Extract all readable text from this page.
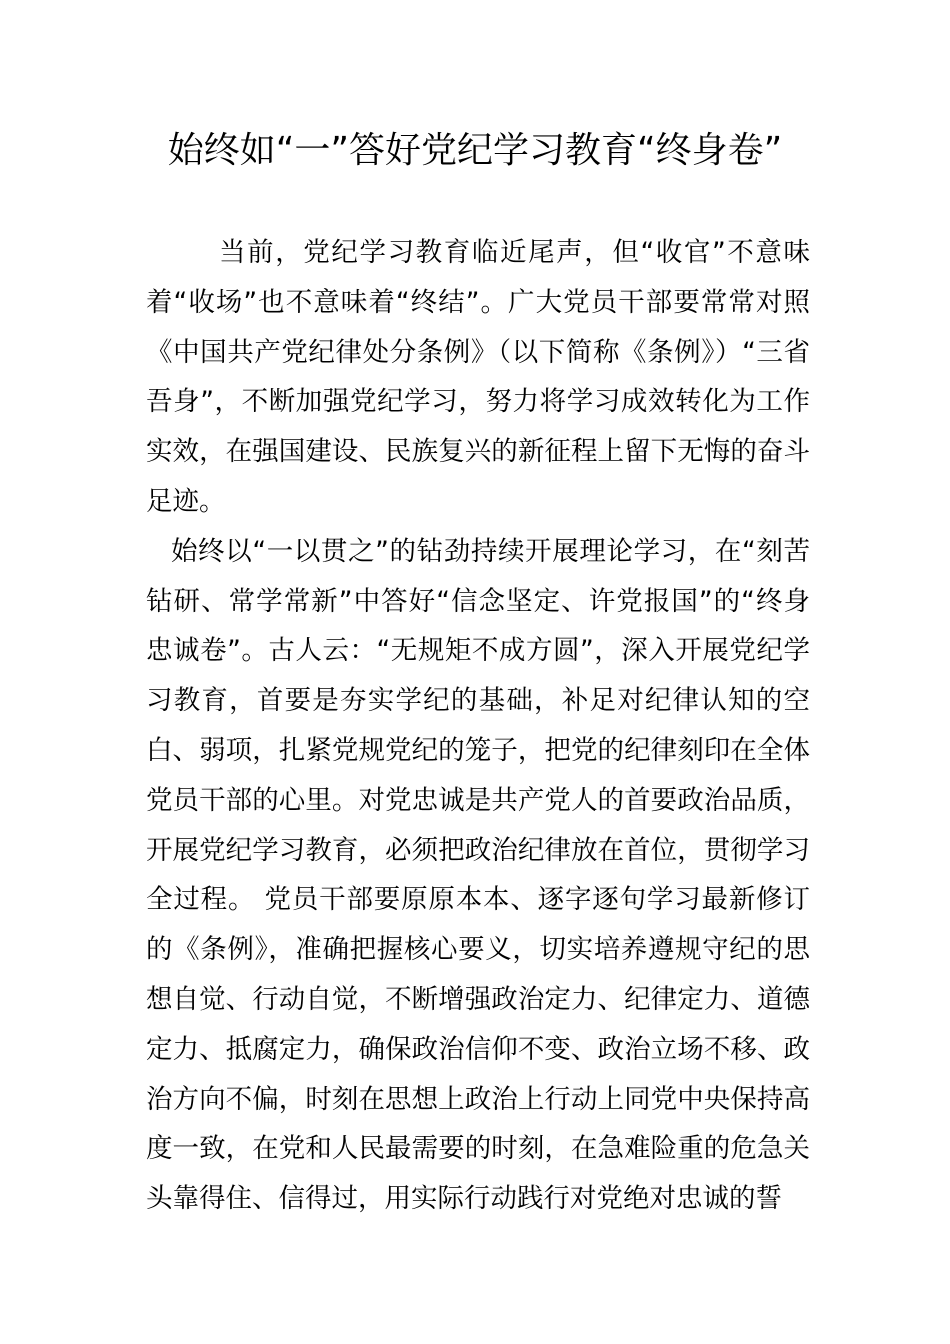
始终如“一”答好党纪学习教育“终身卷”

当前，党纪学习教育临近尾声，但“收官”不意味着“收场”也不意味着“终结”。广大党员干部要常常对照《中国共产党纪律处分条例》（以下简称《条例》）“三省吾身”，不断加强党纪学习，努力将学习成效转化为工作实效，在强国建设、民族复兴的新征程上留下无悔的奋斗足迹。

始终以“一以贯之”的钻劲持续开展理论学习，在“刻苦钻研、常学常新”中答好“信念坚定、许党报国”的“终身忠诚卷”。古人云：“无规矩不成方圆”，深入开展党纪学习教育，首要是夯实学纪的基础，补足对纪律认知的空白、弱项，扎紧党规党纪的笼子，把党的纪律刻印在全体党员干部的心里。对党忠诚是共产党人的首要政治品质，开展党纪学习教育，必须把政治纪律放在首位，贯彻学习全过程。 党员干部要原原本本、逐字逐句学习最新修订的《条例》，准确把握核心要义，切实培养遵规守纪的思想自觉、行动自觉，不断增强政治定力、纪律定力、道德定力、抵腐定力，确保政治信仰不变、政治立场不移、政治方向不偏，时刻在思想上政治上行动上同党中央保持高度一致，在党和人民最需要的时刻，在急难险重的危急关头靠得住、信得过，用实际行动践行对党绝对忠诚的誓
